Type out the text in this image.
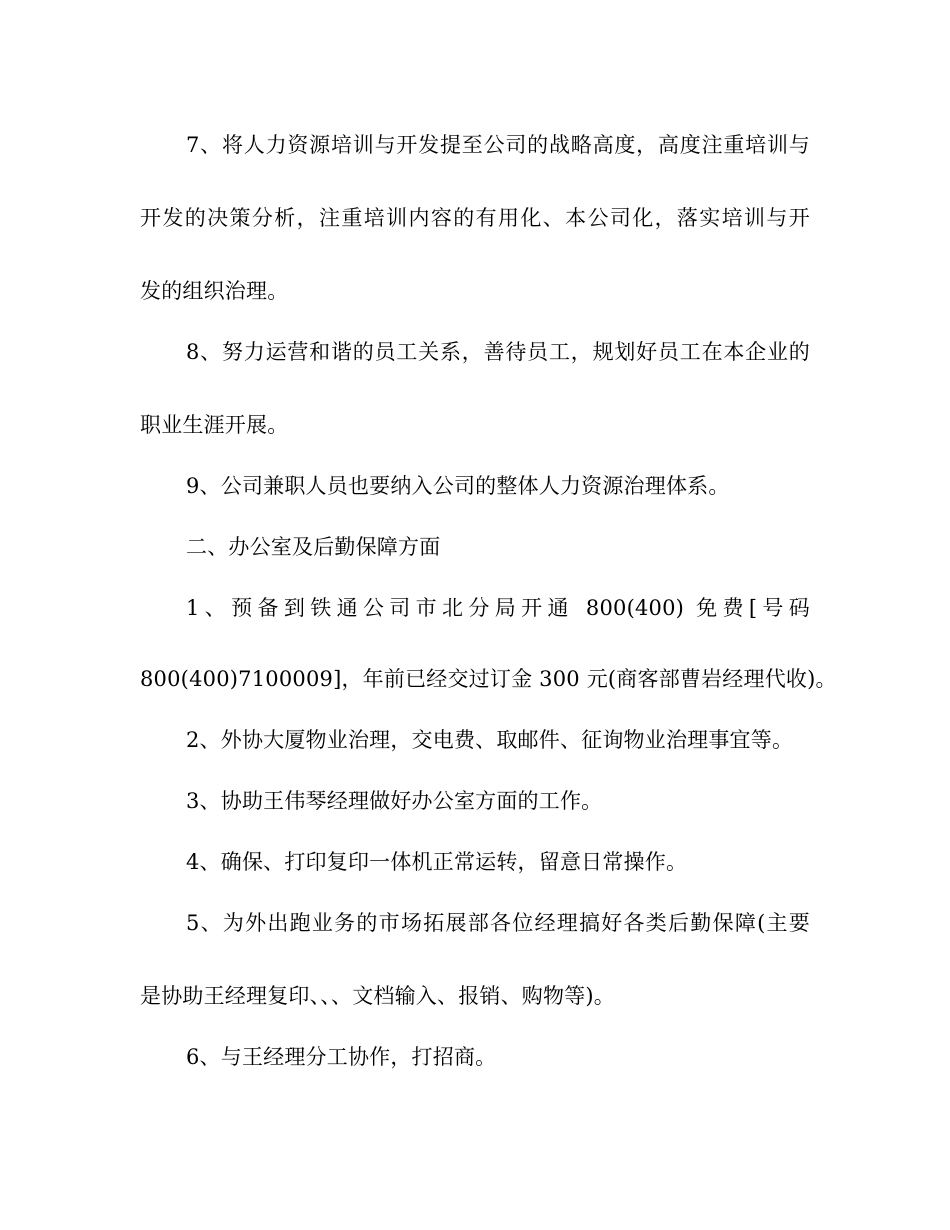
7、将人力资源培训与开发提至公司的战略高度，高度注重培训与
开发的决策分析，注重培训内容的有用化、本公司化，落实培训与开
发的组织治理。
8、努力运营和谐的员工关系，善待员工，规划好员工在本企业的
职业生涯开展。
9、公司兼职人员也要纳入公司的整体人力资源治理体系。
二、办公室及后勤保障方面
1、预备到铁通公司市北分局开通 800(400) 免费[号码
800(400)7100009]，年前已经交过订金 300 元(商客部曹岩经理代收)。
2、外协大厦物业治理，交电费、取邮件、征询物业治理事宜等。
3、协助王伟琴经理做好办公室方面的工作。
4、确保、打印复印一体机正常运转，留意日常操作。
5、为外出跑业务的市场拓展部各位经理搞好各类后勤保障(主要
是协助王经理复印、、、文档输入、报销、购物等)。
6、与王经理分工协作，打招商。
